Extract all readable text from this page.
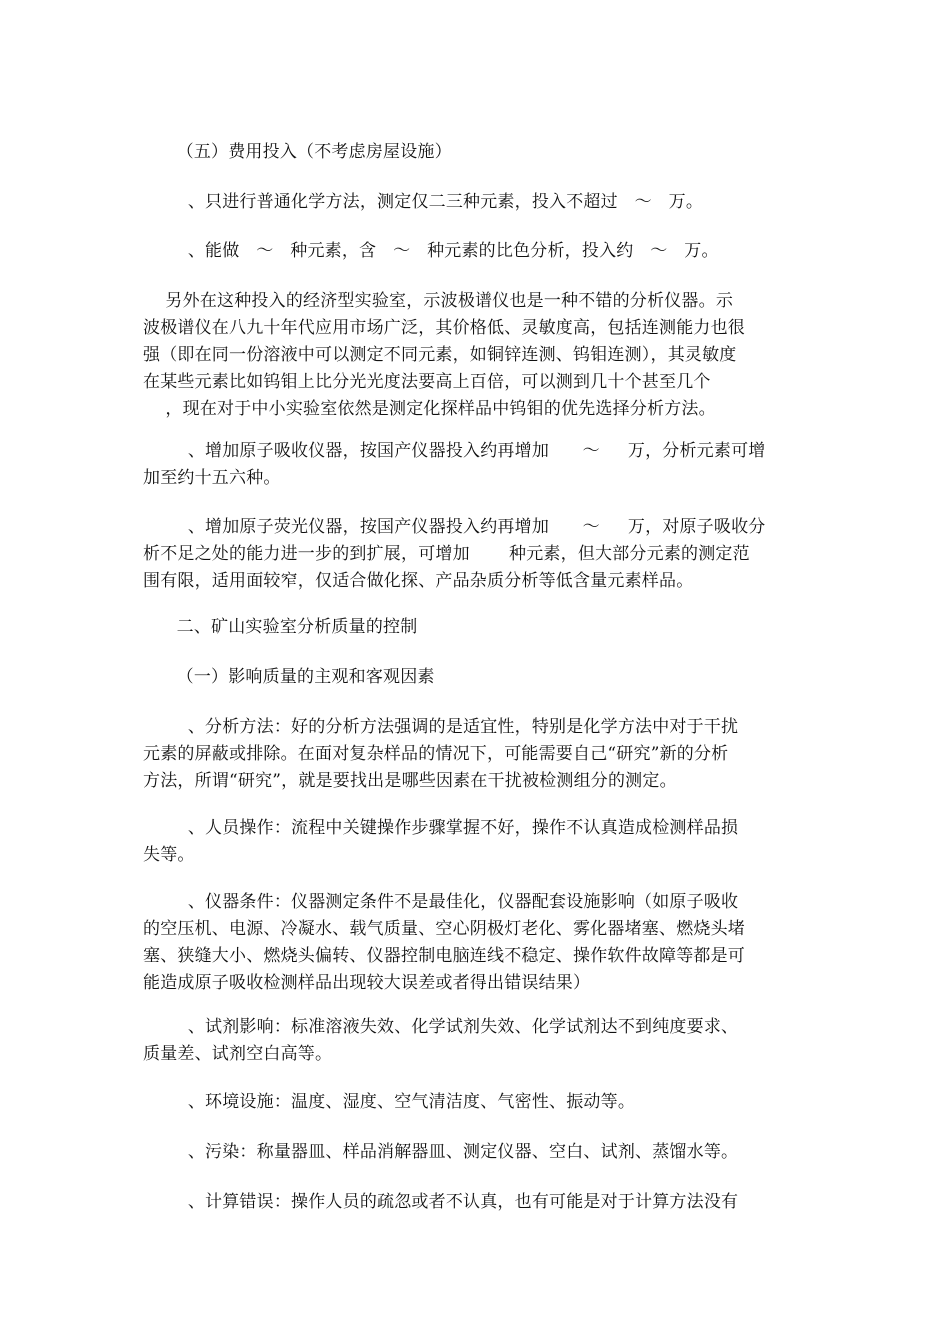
（五）费用投入（不考虑房屋设施）
、只进行普通化学方法，测定仅二三种元素，投入不超过   ～   万。
、能做   ～   种元素，含   ～   种元素的比色分析，投入约   ～   万。
另外在这种投入的经济型实验室，示波极谱仪也是一种不错的分析仪器。示
波极谱仪在八九十年代应用市场广泛，其价格低、灵敏度高，包括连测能力也很
强（即在同一份溶液中可以测定不同元素，如铜锌连测、钨钼连测），其灵敏度
在某些元素比如钨钼上比分光光度法要高上百倍，可以测到几十个甚至几个
，现在对于中小实验室依然是测定化探样品中钨钼的优先选择分析方法。
、增加原子吸收仪器，按国产仪器投入约再增加      ～     万，分析元素可增
加至约十五六种。
、增加原子荧光仪器，按国产仪器投入约再增加      ～     万，对原子吸收分
析不足之处的能力进一步的到扩展，可增加       种元素，但大部分元素的测定范
围有限，适用面较窄，仅适合做化探、产品杂质分析等低含量元素样品。
二、矿山实验室分析质量的控制
（一）影响质量的主观和客观因素
、分析方法：好的分析方法强调的是适宜性，特别是化学方法中对于干扰
元素的屏蔽或排除。在面对复杂样品的情况下，可能需要自己“研究”新的分析
方法，所谓“研究”，就是要找出是哪些因素在干扰被检测组分的测定。
、人员操作：流程中关键操作步骤掌握不好，操作不认真造成检测样品损
失等。
、仪器条件：仪器测定条件不是最佳化，仪器配套设施影响（如原子吸收
的空压机、电源、冷凝水、载气质量、空心阴极灯老化、雾化器堵塞、燃烧头堵
塞、狭缝大小、燃烧头偏转、仪器控制电脑连线不稳定、操作软件故障等都是可
能造成原子吸收检测样品出现较大误差或者得出错误结果）
、试剂影响：标准溶液失效、化学试剂失效、化学试剂达不到纯度要求、
质量差、试剂空白高等。
、环境设施：温度、湿度、空气清洁度、气密性、振动等。
、污染：称量器皿、样品消解器皿、测定仪器、空白、试剂、蒸馏水等。
、计算错误：操作人员的疏忽或者不认真，也有可能是对于计算方法没有
